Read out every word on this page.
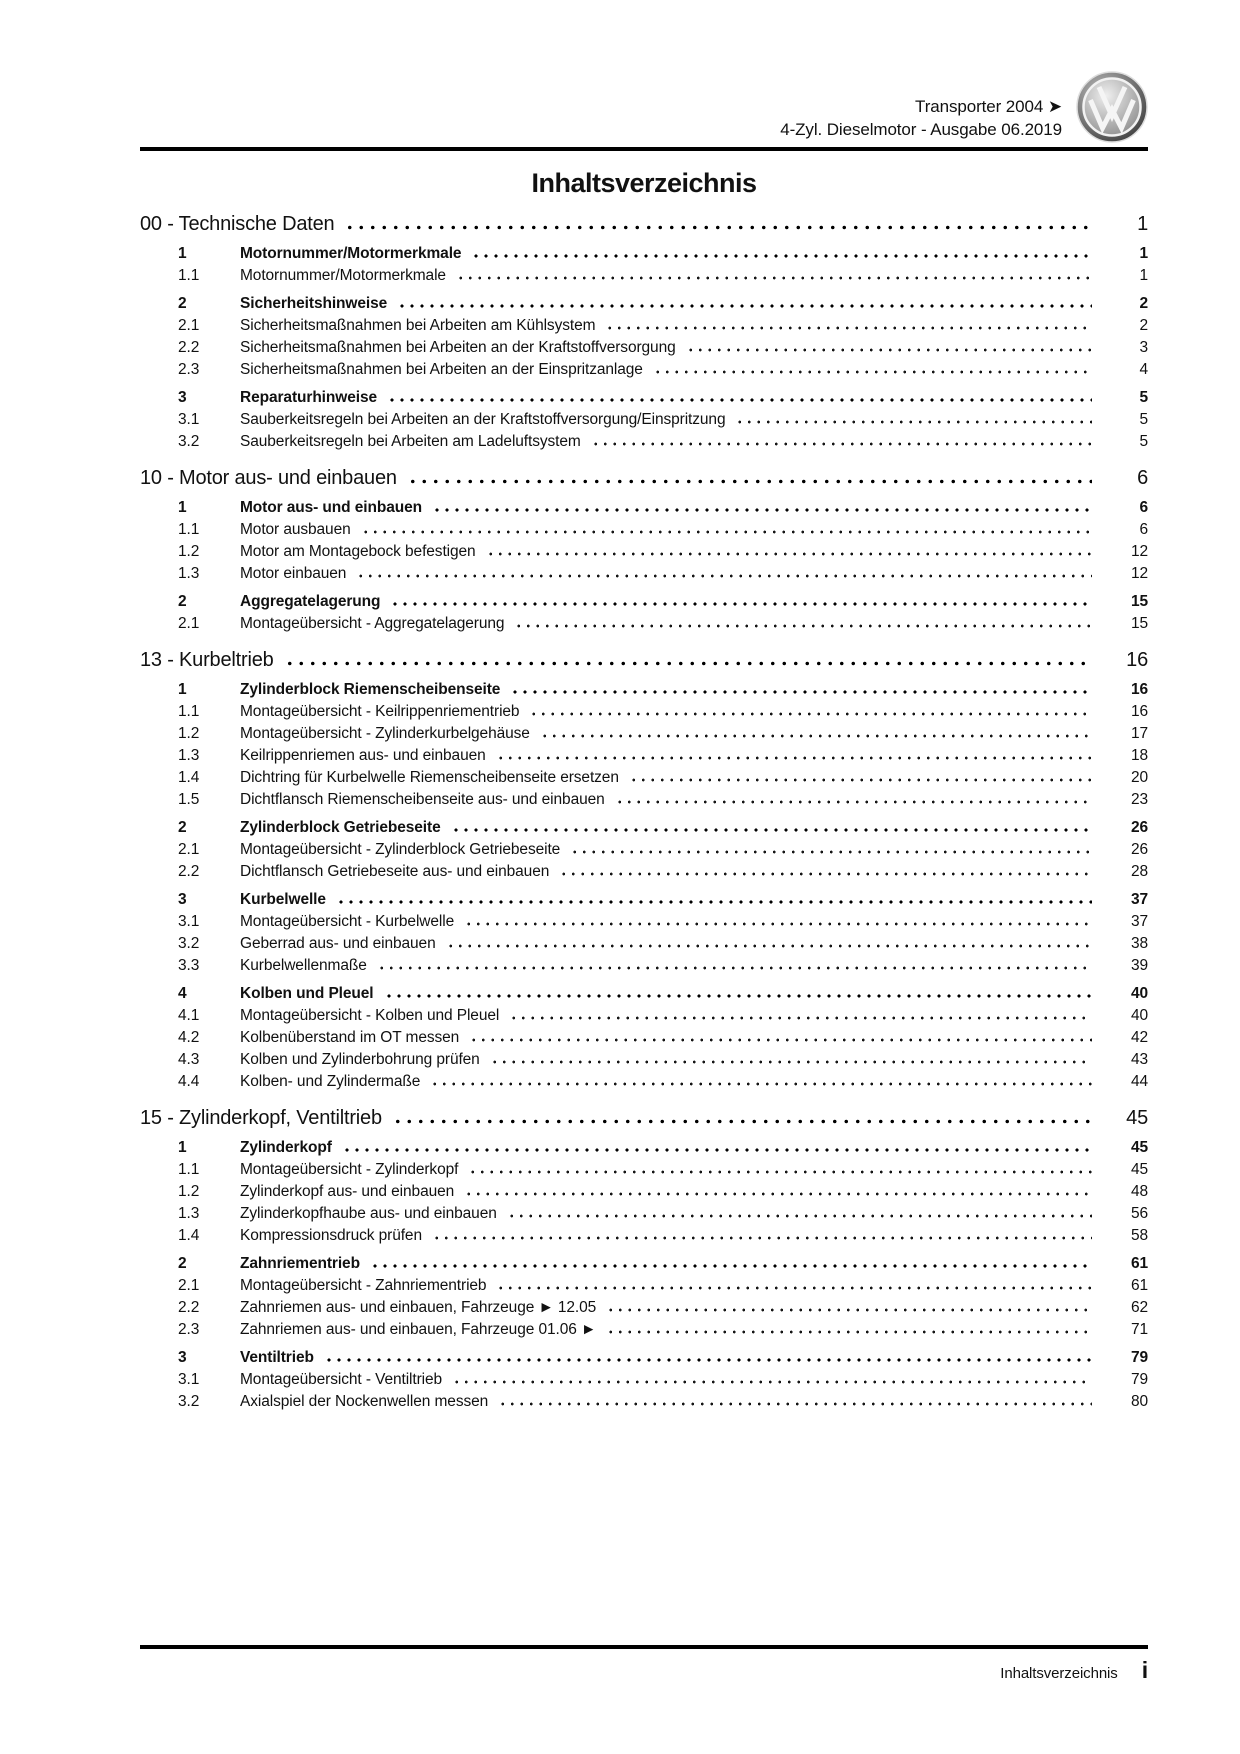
Transporter 2004 ➤
4-Zyl. Dieselmotor - Ausgabe 06.2019
Inhaltsverzeichnis
00 - Technische Daten	1
1	Motornummer/Motormerkmale	1
1.1	Motornummer/Motormerkmale	1
2	Sicherheitshinweise	2
2.1	Sicherheitsmaßnahmen bei Arbeiten am Kühlsystem	2
2.2	Sicherheitsmaßnahmen bei Arbeiten an der Kraftstoffversorgung	3
2.3	Sicherheitsmaßnahmen bei Arbeiten an der Einspritzanlage	4
3	Reparaturhinweise	5
3.1	Sauberkeitsregeln bei Arbeiten an der Kraftstoffversorgung/Einspritzung	5
3.2	Sauberkeitsregeln bei Arbeiten am Ladeluftsystem	5
10 - Motor aus- und einbauen	6
1	Motor aus- und einbauen	6
1.1	Motor ausbauen	6
1.2	Motor am Montagebock befestigen	12
1.3	Motor einbauen	12
2	Aggregatelagerung	15
2.1	Montageübersicht - Aggregatelagerung	15
13 - Kurbeltrieb	16
1	Zylinderblock Riemenscheibenseite	16
1.1	Montageübersicht - Keilrippenriementrieb	16
1.2	Montageübersicht - Zylinderkurbelgehäuse	17
1.3	Keilrippenriemen aus- und einbauen	18
1.4	Dichtring für Kurbelwelle Riemenscheibenseite ersetzen	20
1.5	Dichtflansch Riemenscheibenseite aus- und einbauen	23
2	Zylinderblock Getriebeseite	26
2.1	Montageübersicht - Zylinderblock Getriebeseite	26
2.2	Dichtflansch Getriebeseite aus- und einbauen	28
3	Kurbelwelle	37
3.1	Montageübersicht - Kurbelwelle	37
3.2	Geberrad aus- und einbauen	38
3.3	Kurbelwellenmaße	39
4	Kolben und Pleuel	40
4.1	Montageübersicht - Kolben und Pleuel	40
4.2	Kolbenüberstand im OT messen	42
4.3	Kolben und Zylinderbohrung prüfen	43
4.4	Kolben- und Zylindermaße	44
15 - Zylinderkopf, Ventiltrieb	45
1	Zylinderkopf	45
1.1	Montageübersicht - Zylinderkopf	45
1.2	Zylinderkopf aus- und einbauen	48
1.3	Zylinderkopfhaube aus- und einbauen	56
1.4	Kompressionsdruck prüfen	58
2	Zahnriementrieb	61
2.1	Montageübersicht - Zahnriementrieb	61
2.2	Zahnriemen aus- und einbauen, Fahrzeuge ► 12.05	62
2.3	Zahnriemen aus- und einbauen, Fahrzeuge 01.06 ►	71
3	Ventiltrieb	79
3.1	Montageübersicht - Ventiltrieb	79
3.2	Axialspiel der Nockenwellen messen	80
Inhaltsverzeichnis i
